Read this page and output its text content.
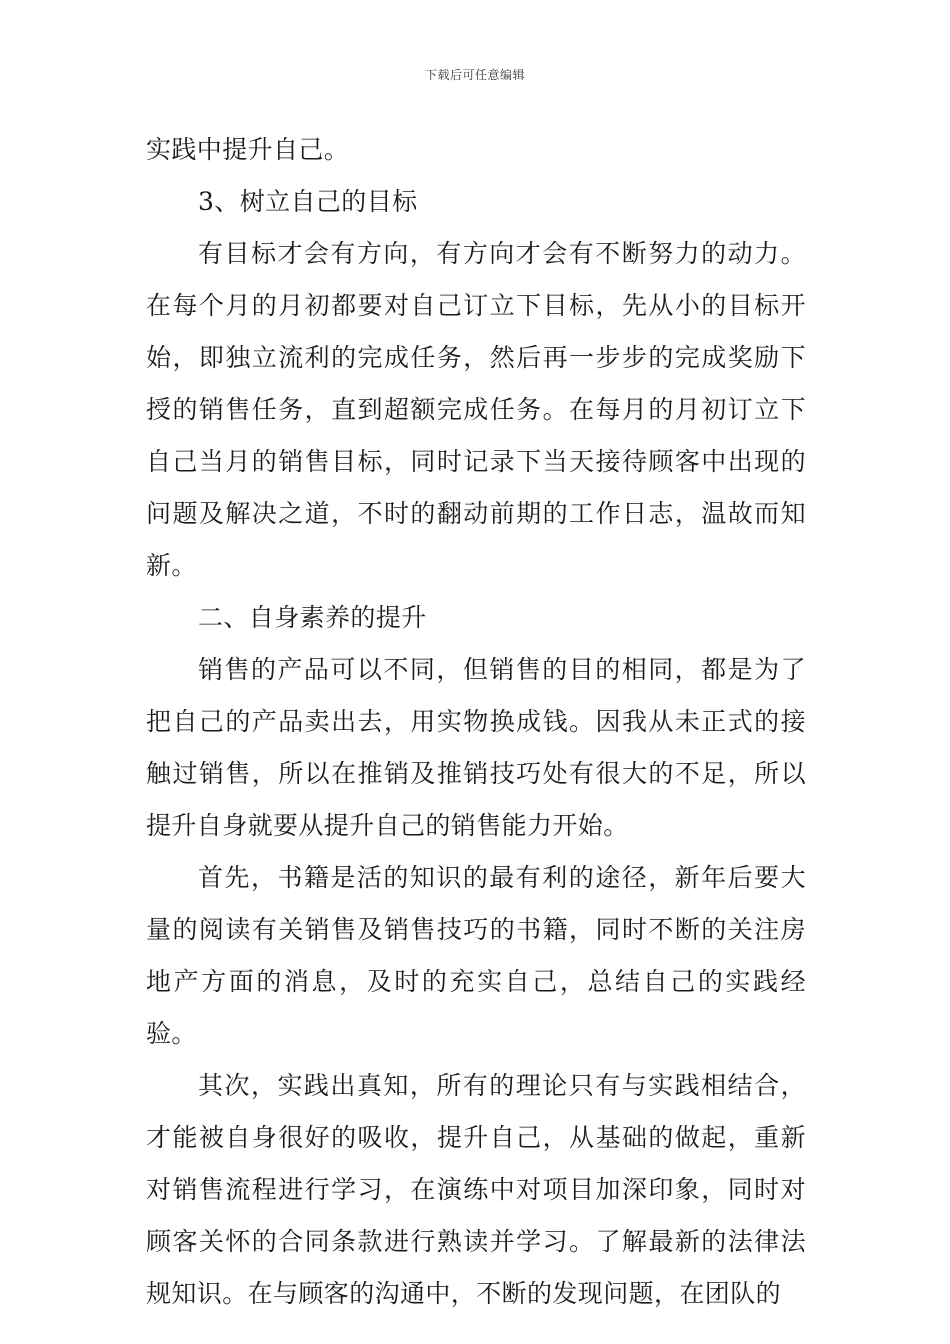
下载后可任意编辑

实践中提升自己。

3、树立自己的目标

有目标才会有方向，有方向才会有不断努力的动力。在每个月的月初都要对自己订立下目标，先从小的目标开始，即独立流利的完成任务，然后再一步步的完成奖励下授的销售任务，直到超额完成任务。在每月的月初订立下自己当月的销售目标，同时记录下当天接待顾客中出现的问题及解决之道，不时的翻动前期的工作日志，温故而知新。

二、自身素养的提升

销售的产品可以不同，但销售的目的相同，都是为了把自己的产品卖出去，用实物换成钱。因我从未正式的接触过销售，所以在推销及推销技巧处有很大的不足，所以提升自身就要从提升自己的销售能力开始。

首先，书籍是活的知识的最有利的途径，新年后要大量的阅读有关销售及销售技巧的书籍，同时不断的关注房地产方面的消息，及时的充实自己，总结自己的实践经验。

其次，实践出真知，所有的理论只有与实践相结合，才能被自身很好的吸收，提升自己，从基础的做起，重新对销售流程进行学习，在演练中对项目加深印象，同时对顾客关怀的合同条款进行熟读并学习。了解最新的法律法规知识。在与顾客的沟通中，不断的发现问题，在团队的
